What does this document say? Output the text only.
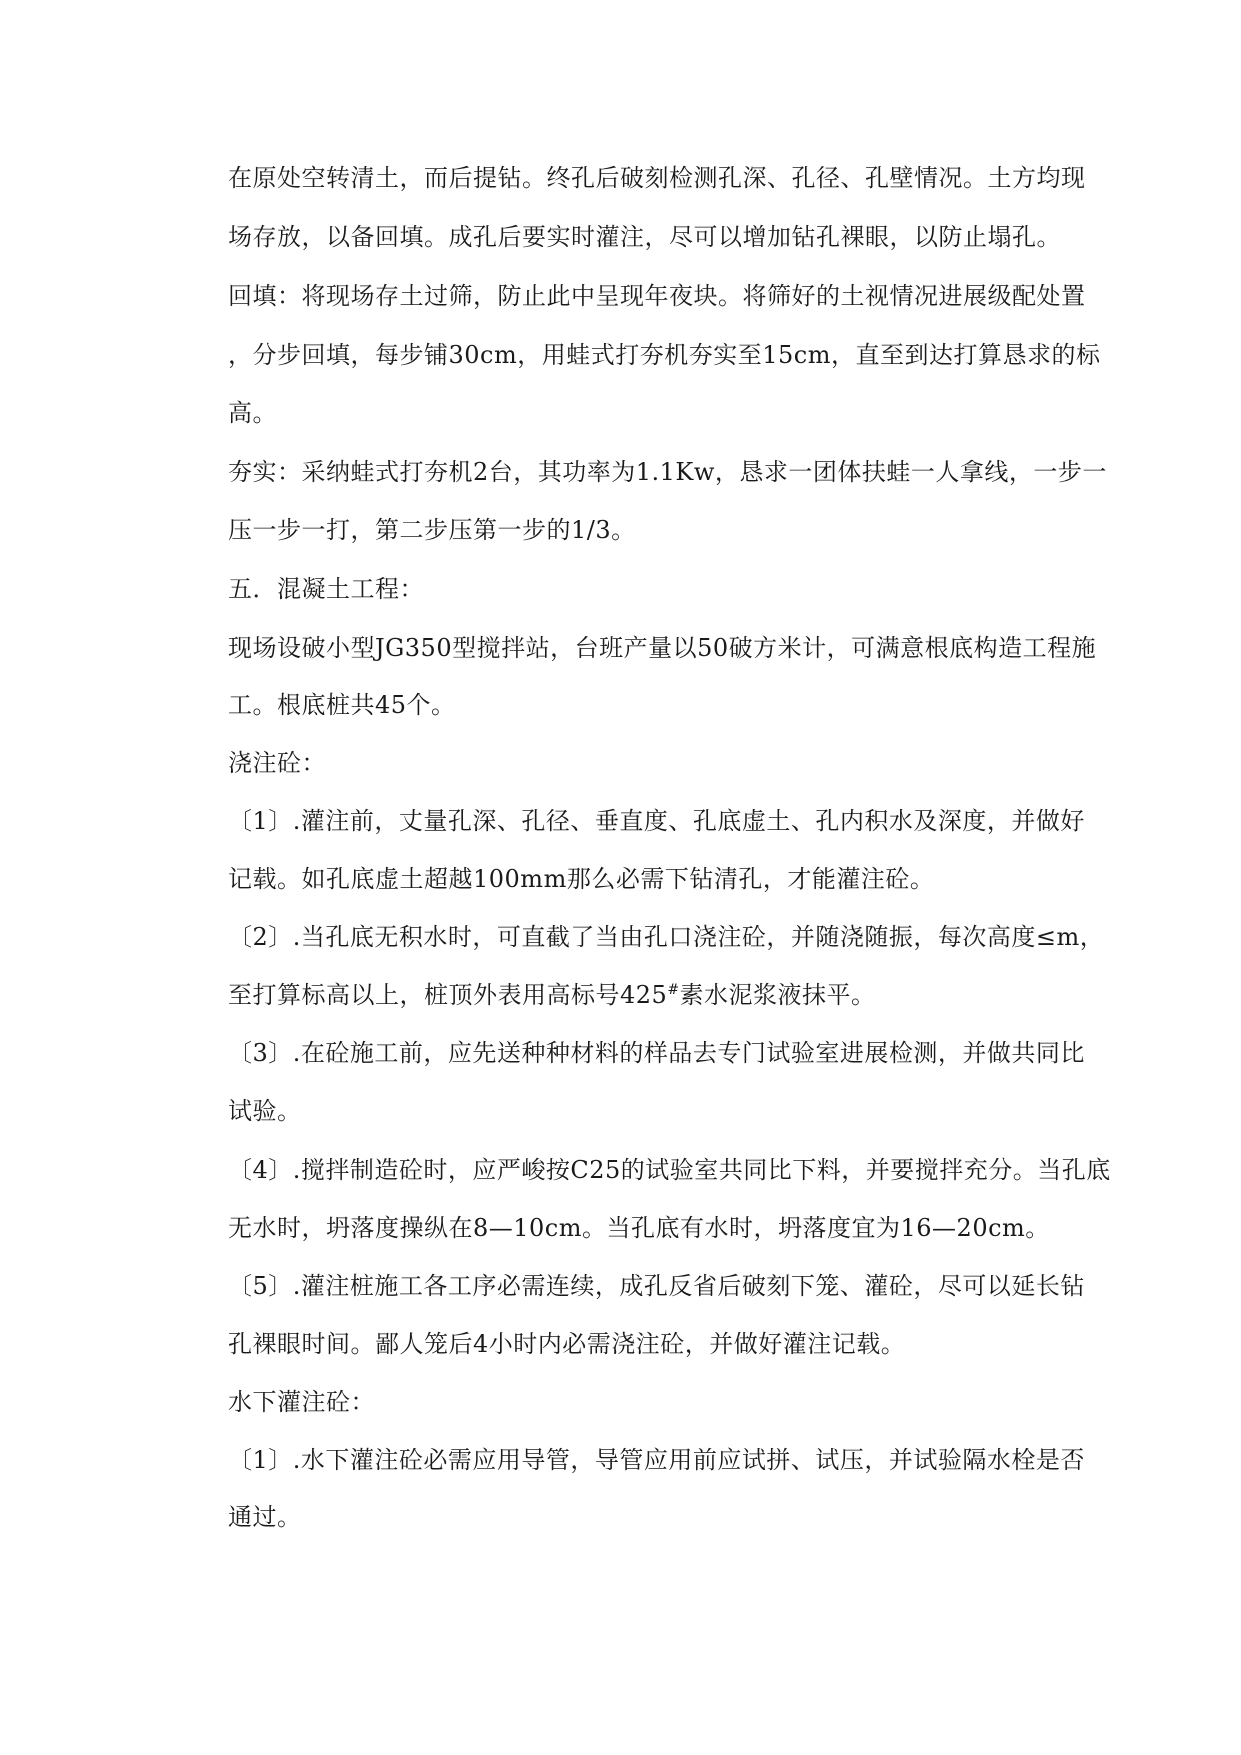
在原处空转清土，而后提钻。终孔后破刻检测孔深、孔径、孔壁情况。土方均现
场存放，以备回填。成孔后要实时灌注，尽可以增加钻孔裸眼，以防止塌孔。
回填：将现场存土过筛，防止此中呈现年夜块。将筛好的土视情况进展级配处置
，分步回填，每步铺30cm，用蛙式打夯机夯实至15cm，直至到达打算恳求的标
高。
夯实：采纳蛙式打夯机2台，其功率为1.1Kw，恳求一团体扶蛙一人拿线，一步一
压一步一打，第二步压第一步的1/3。
五．混凝土工程：
现场设破小型JG350型搅拌站，台班产量以50破方米计，可满意根底构造工程施
工。根底桩共45个。
浇注砼：
〔1〕.灌注前，丈量孔深、孔径、垂直度、孔底虚土、孔内积水及深度，并做好
记载。如孔底虚土超越100mm那么必需下钻清孔，才能灌注砼。
〔2〕.当孔底无积水时，可直截了当由孔口浇注砼，并随浇随振，每次高度≤m，
至打算标高以上，桩顶外表用高标号425#素水泥浆液抹平。
〔3〕.在砼施工前，应先送种种材料的样品去专门试验室进展检测，并做共同比
试验。
〔4〕.搅拌制造砼时，应严峻按C25的试验室共同比下料，并要搅拌充分。当孔底
无水时，坍落度操纵在8—10cm。当孔底有水时，坍落度宜为16—20cm。
〔5〕.灌注桩施工各工序必需连续，成孔反省后破刻下笼、灌砼，尽可以延长钻
孔裸眼时间。鄙人笼后4小时内必需浇注砼，并做好灌注记载。
水下灌注砼：
〔1〕.水下灌注砼必需应用导管，导管应用前应试拼、试压，并试验隔水栓是否
通过。
